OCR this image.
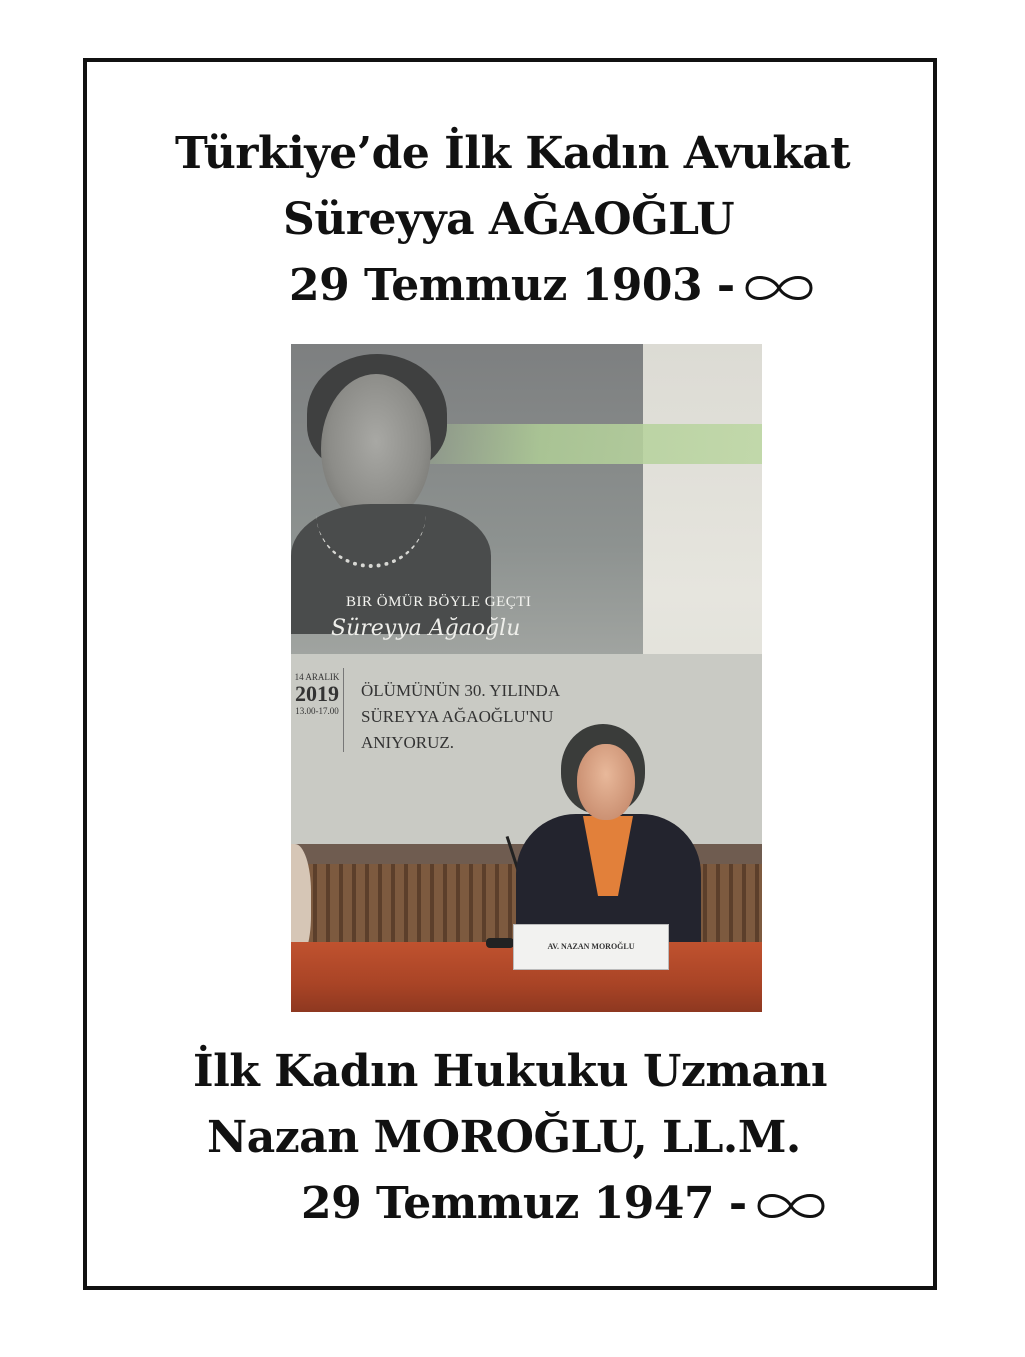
Türkiye’de İlk Kadın Avukat
Süreyya AĞAOĞLU
29 Temmuz 1903 -
BIR ÖMÜR BÖYLE GEÇTI
Süreyya Ağaoğlu
14 ARALIK
2019
13.00-17.00
ÖLÜMÜNÜN 30. YILINDA
SÜREYYA AĞAOĞLU'NU
ANIYORUZ.
AV. NAZAN MOROĞLU
İlk Kadın Hukuku Uzmanı
Nazan MOROĞLU, LL.M.
29 Temmuz 1947 -
